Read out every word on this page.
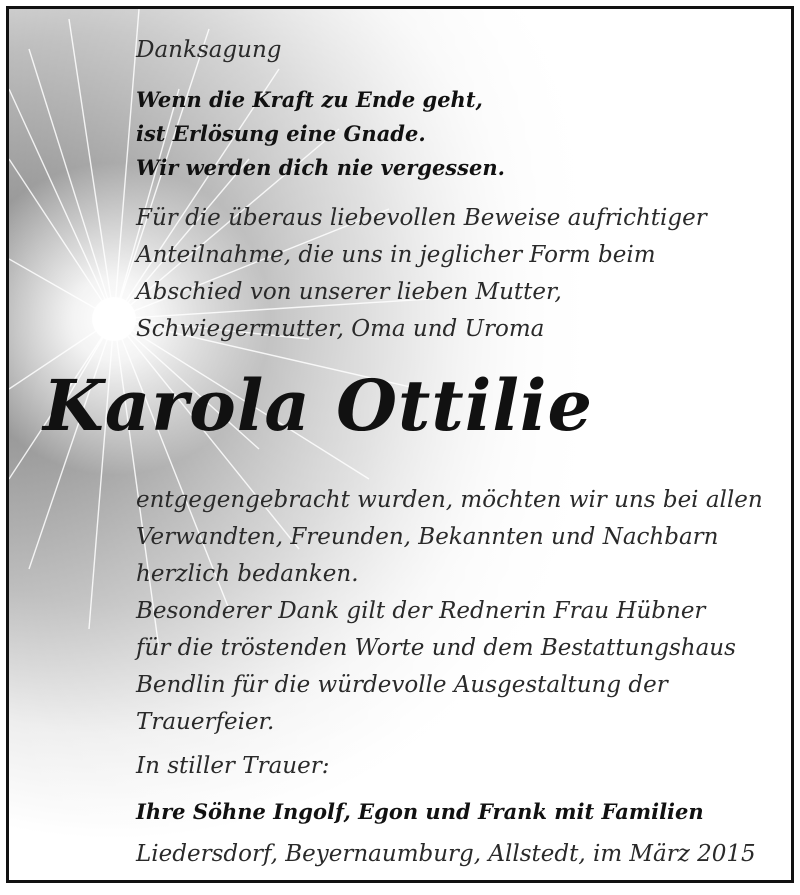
Danksagung
Wenn die Kraft zu Ende geht,
ist Erlösung eine Gnade.
Wir werden dich nie vergessen.
Für die überaus liebevollen Beweise aufrichtiger
Anteilnahme, die uns in jeglicher Form beim
Abschied von unserer lieben Mutter,
Schwiegermutter, Oma und Uroma
Karola Ottilie
entgegengebracht wurden, möchten wir uns bei allen
Verwandten, Freunden, Bekannten und Nachbarn
herzlich bedanken.
Besonderer Dank gilt der Rednerin Frau Hübner
für die tröstenden Worte und dem Bestattungshaus
Bendlin für die würdevolle Ausgestaltung der
Trauerfeier.
In stiller Trauer:
Ihre Söhne Ingolf, Egon und Frank mit Familien
Liedersdorf, Beyernaumburg, Allstedt, im März 2015
